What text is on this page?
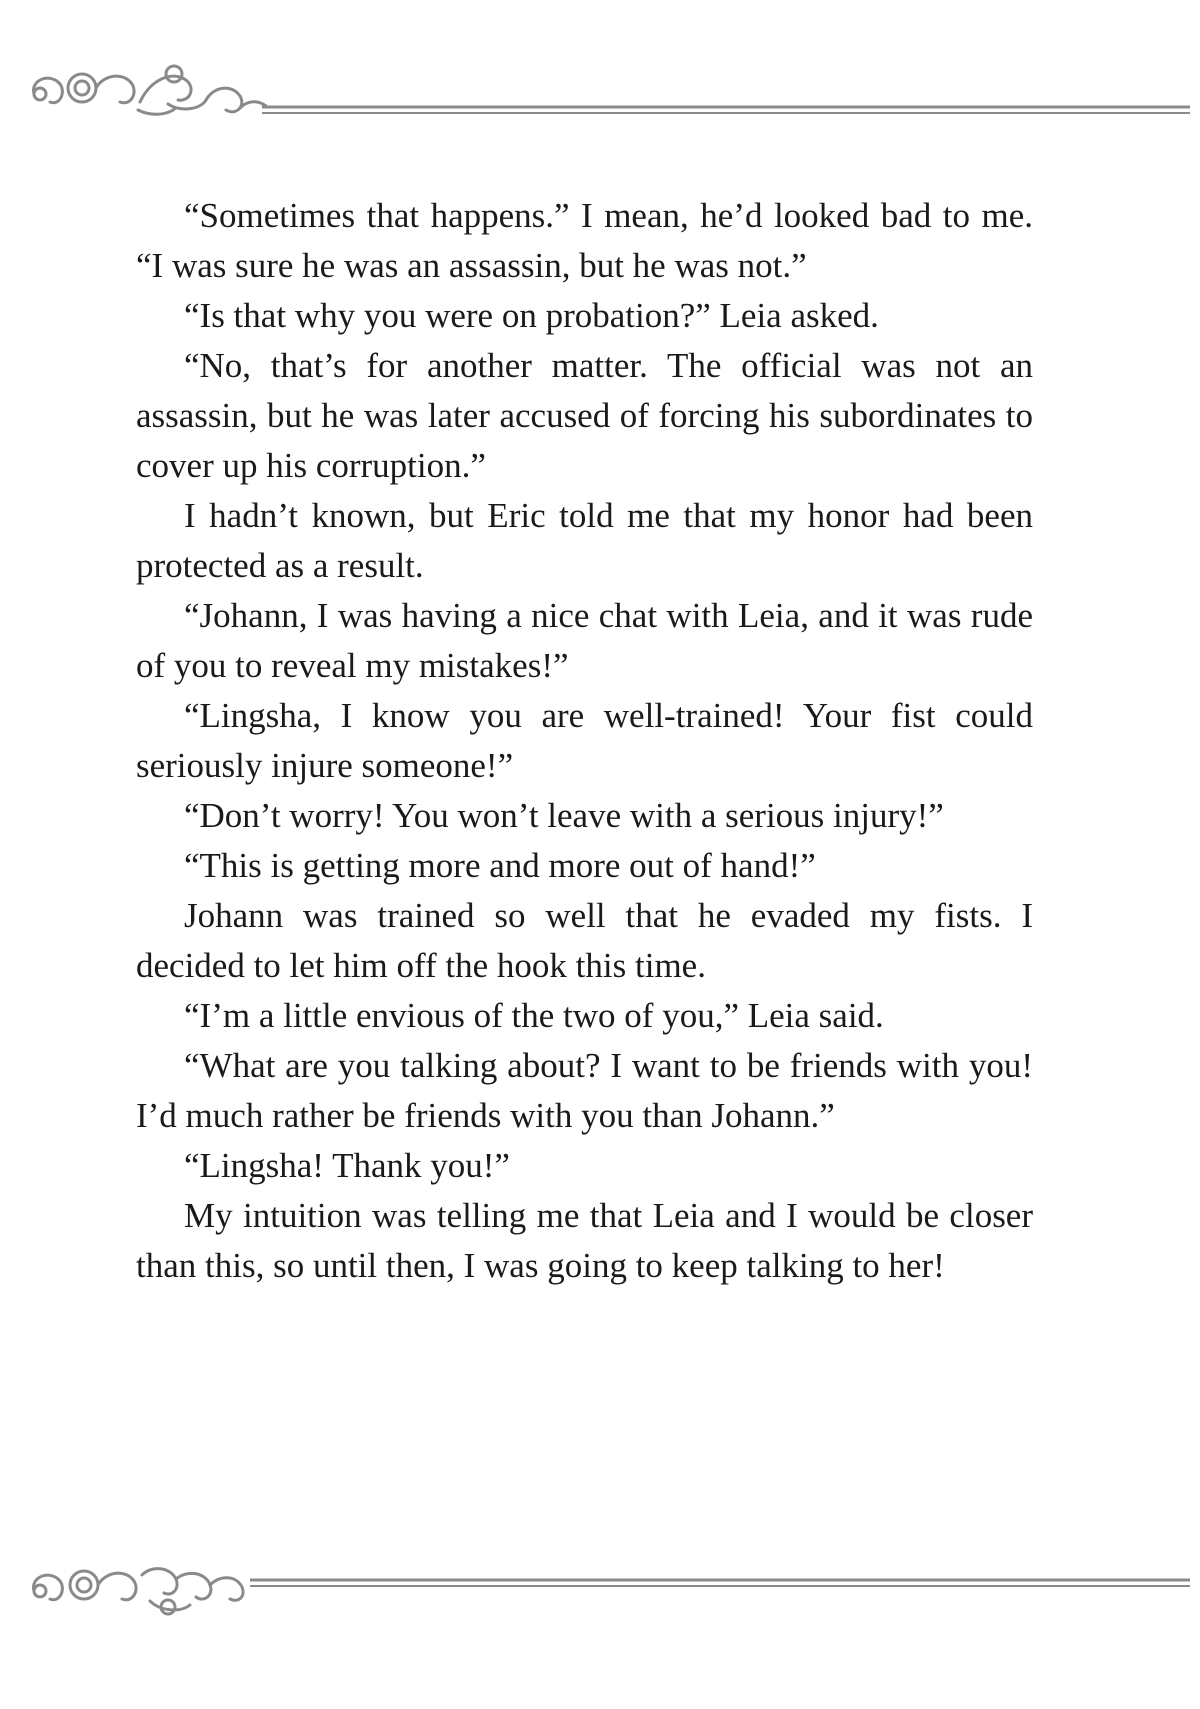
“Sometimes that happens.” I mean, he’d looked bad to me. “I was sure he was an assassin, but he was not.”

“Is that why you were on probation?” Leia asked.

“No, that’s for another matter. The official was not an assassin, but he was later accused of forcing his subordinates to cover up his corruption.”

I hadn’t known, but Eric told me that my honor had been protected as a result.

“Johann, I was having a nice chat with Leia, and it was rude of you to reveal my mistakes!”

“Lingsha, I know you are well-trained! Your fist could seriously injure someone!”

“Don’t worry! You won’t leave with a serious injury!”

“This is getting more and more out of hand!”

Johann was trained so well that he evaded my fists. I decided to let him off the hook this time.

“I’m a little envious of the two of you,” Leia said.

“What are you talking about? I want to be friends with you! I’d much rather be friends with you than Johann.”

“Lingsha! Thank you!”

My intuition was telling me that Leia and I would be closer than this, so until then, I was going to keep talking to her!
